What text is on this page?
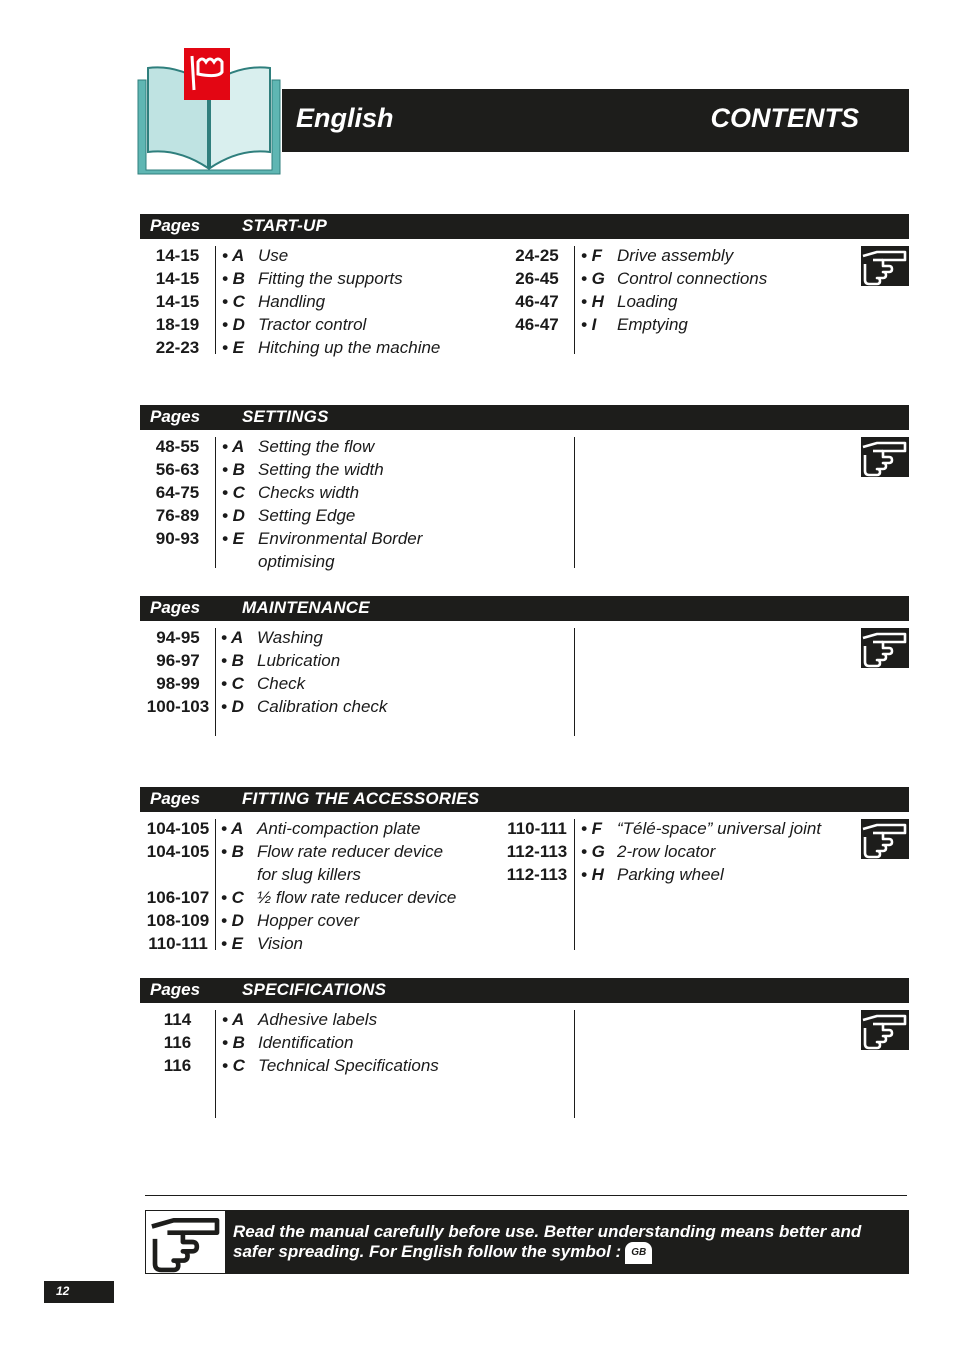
English	CONTENTS
Pages START-UP
14-15	• A Use
14-15	• B Fitting the supports
14-15	• C Handling
18-19	• D Tractor control
22-23	• E Hitching up the machine
24-25	• F Drive assembly
26-45	• G Control connections
46-47	• H Loading
46-47	• I Emptying
Pages SETTINGS
48-55	• A Setting the flow
56-63	• B Setting the width
64-75	• C Checks width
76-89	• D Setting Edge
90-93	• E Environmental Border
optimising
Pages MAINTENANCE
94-95	• A Washing
96-97	• B Lubrication
98-99	• C Check
100-103 • D Calibration check
Pages FITTING THE ACCESSORIES
104-105 • A Anti-compaction plate
104-105 • B Flow rate reducer device
for slug killers
106-107 • C ½ flow rate reducer device
108-109 • D Hopper cover
110-111 • E Vision
110-111 • F “Télé-space” universal joint
112-113 • G 2-row locator
112-113 • H Parking wheel
Pages SPECIFICATIONS
114	• A Adhesive labels
116	• B Identification
116	• C Technical Specifications
Read the manual carefully before use. Better understanding means better and
safer spreading. For English follow the symbol : GB
12
